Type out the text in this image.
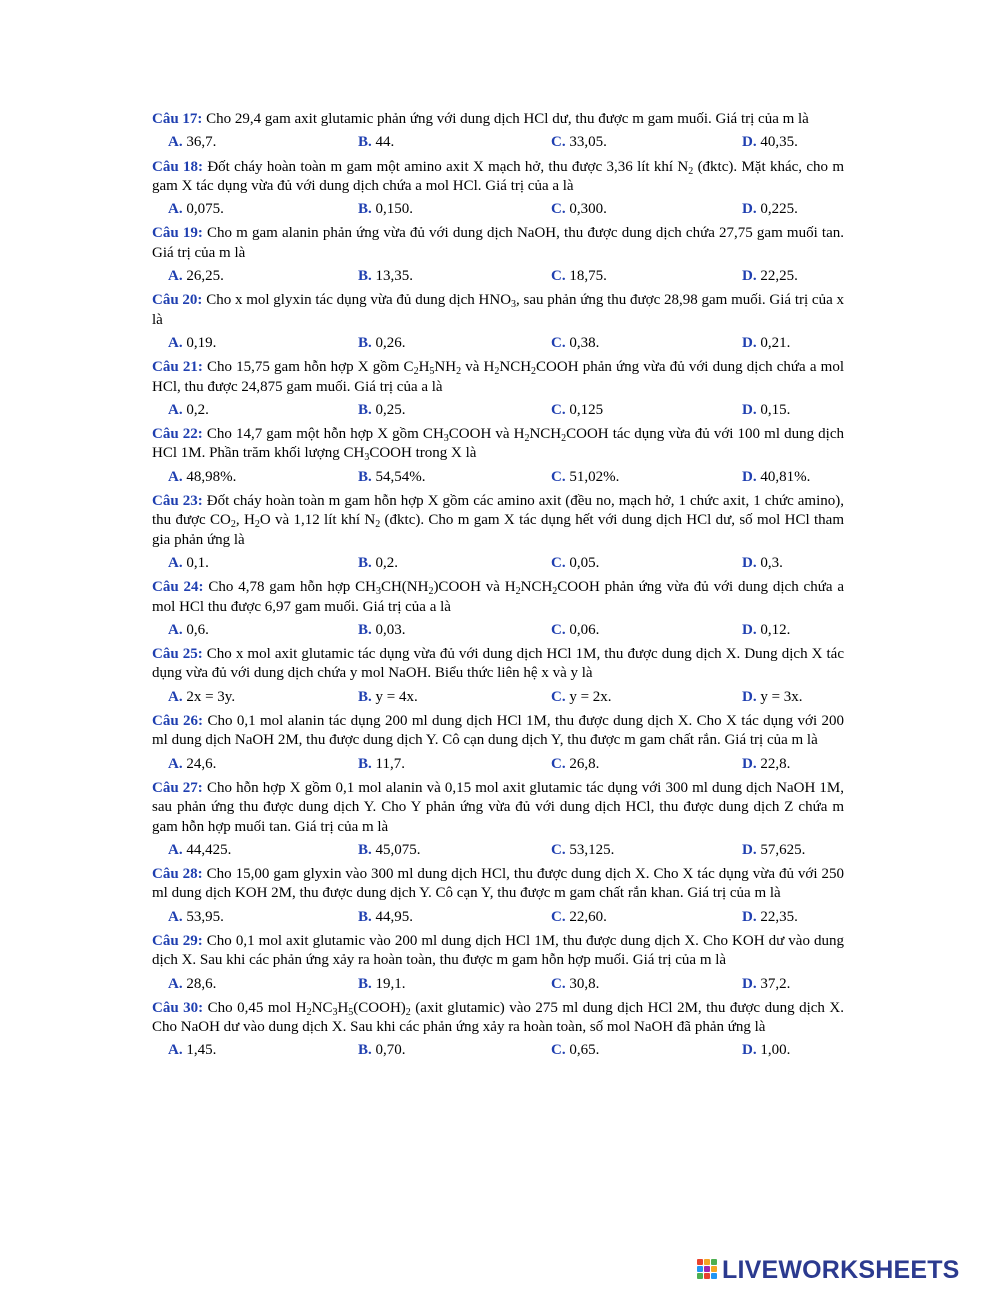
Câu 17: Cho 29,4 gam axit glutamic phản ứng với dung dịch HCl dư, thu được m gam muối. Giá trị của m là

A. 36,7.	B. 44.	C. 33,05.	D. 40,35.

Câu 18: Đốt cháy hoàn toàn m gam một amino axit X mạch hở, thu được 3,36 lít khí $N_2$ (đktc). Mặt khác, cho m gam X tác dụng vừa đủ với dung dịch chứa a mol HCl. Giá trị của a là

A. 0,075.	B. 0,150.	C. 0,300.	D. 0,225.

Câu 19: Cho m gam alanin phản ứng vừa đủ với dung dịch NaOH, thu được dung dịch chứa 27,75 gam muối tan. Giá trị của m là

A. 26,25.	B. 13,35.	C. 18,75.	D. 22,25.

Câu 20: Cho x mol glyxin tác dụng vừa đủ dung dịch $HNO_3$, sau phản ứng thu được 28,98 gam muối. Giá trị của x là

A. 0,19.	B. 0,26.	C. 0,38.	D. 0,21.

Câu 21: Cho 15,75 gam hỗn hợp X gồm $C_2H_5NH_2$ và $H_2NCH_2COOH$ phản ứng vừa đủ với dung dịch chứa a mol HCl, thu được 24,875 gam muối. Giá trị của a là

A. 0,2.	B. 0,25.	C. 0,125	D. 0,15.

Câu 22: Cho 14,7 gam một hỗn hợp X gồm $CH_3COOH$ và $H_2NCH_2COOH$ tác dụng vừa đủ với 100 ml dung dịch HCl 1M. Phần trăm khối lượng $CH_3COOH$ trong X là

A. 48,98%.	B. 54,54%.	C. 51,02%.	D. 40,81%.

Câu 23: Đốt cháy hoàn toàn m gam hỗn hợp X gồm các amino axit (đều no, mạch hở, 1 chức axit, 1 chức amino), thu được $CO_2$, $H_2O$ và 1,12 lít khí $N_2$ (đktc). Cho m gam X tác dụng hết với dung dịch HCl dư, số mol HCl tham gia phản ứng là

A. 0,1.	B. 0,2.	C. 0,05.	D. 0,3.

Câu 24: Cho 4,78 gam hỗn hợp $CH_3CH(NH_2)COOH$ và $H_2NCH_2COOH$ phản ứng vừa đủ với dung dịch chứa a mol HCl thu được 6,97 gam muối. Giá trị của a là

A. 0,6.	B. 0,03.	C. 0,06.	D. 0,12.

Câu 25: Cho x mol axit glutamic tác dụng vừa đủ với dung dịch HCl 1M, thu được dung dịch X. Dung dịch X tác dụng vừa đủ với dung dịch chứa y mol NaOH. Biểu thức liên hệ x và y là

A. 2x = 3y.	B. y = 4x.	C. y = 2x.	D. y = 3x.

Câu 26: Cho 0,1 mol alanin tác dụng 200 ml dung dịch HCl 1M, thu được dung dịch X. Cho X tác dụng với 200 ml dung dịch NaOH 2M, thu được dung dịch Y. Cô cạn dung dịch Y, thu được m gam chất rắn. Giá trị của m là

A. 24,6.	B. 11,7.	C. 26,8.	D. 22,8.

Câu 27: Cho hỗn hợp X gồm 0,1 mol alanin và 0,15 mol axit glutamic tác dụng với 300 ml dung dịch NaOH 1M, sau phản ứng thu được dung dịch Y. Cho Y phản ứng vừa đủ với dung dịch HCl, thu được dung dịch Z chứa m gam hỗn hợp muối tan. Giá trị của m là

A. 44,425.	B. 45,075.	C. 53,125.	D. 57,625.

Câu 28: Cho 15,00 gam glyxin vào 300 ml dung dịch HCl, thu được dung dịch X. Cho X tác dụng vừa đủ với 250 ml dung dịch KOH 2M, thu được dung dịch Y. Cô cạn Y, thu được m gam chất rắn khan. Giá trị của m là

A. 53,95.	B. 44,95.	C. 22,60.	D. 22,35.

Câu 29: Cho 0,1 mol axit glutamic vào 200 ml dung dịch HCl 1M, thu được dung dịch X. Cho KOH dư vào dung dịch X. Sau khi các phản ứng xảy ra hoàn toàn, thu được m gam hỗn hợp muối. Giá trị của m là

A. 28,6.	B. 19,1.	C. 30,8.	D. 37,2.

Câu 30: Cho 0,45 mol $H_2NC_3H_5(COOH)_2$ (axit glutamic) vào 275 ml dung dịch HCl 2M, thu được dung dịch X. Cho NaOH dư vào dung dịch X. Sau khi các phản ứng xảy ra hoàn toàn, số mol NaOH đã phản ứng là

A. 1,45.	B. 0,70.	C. 0,65.	D. 1,00.
LIVEWORKSHEETS
